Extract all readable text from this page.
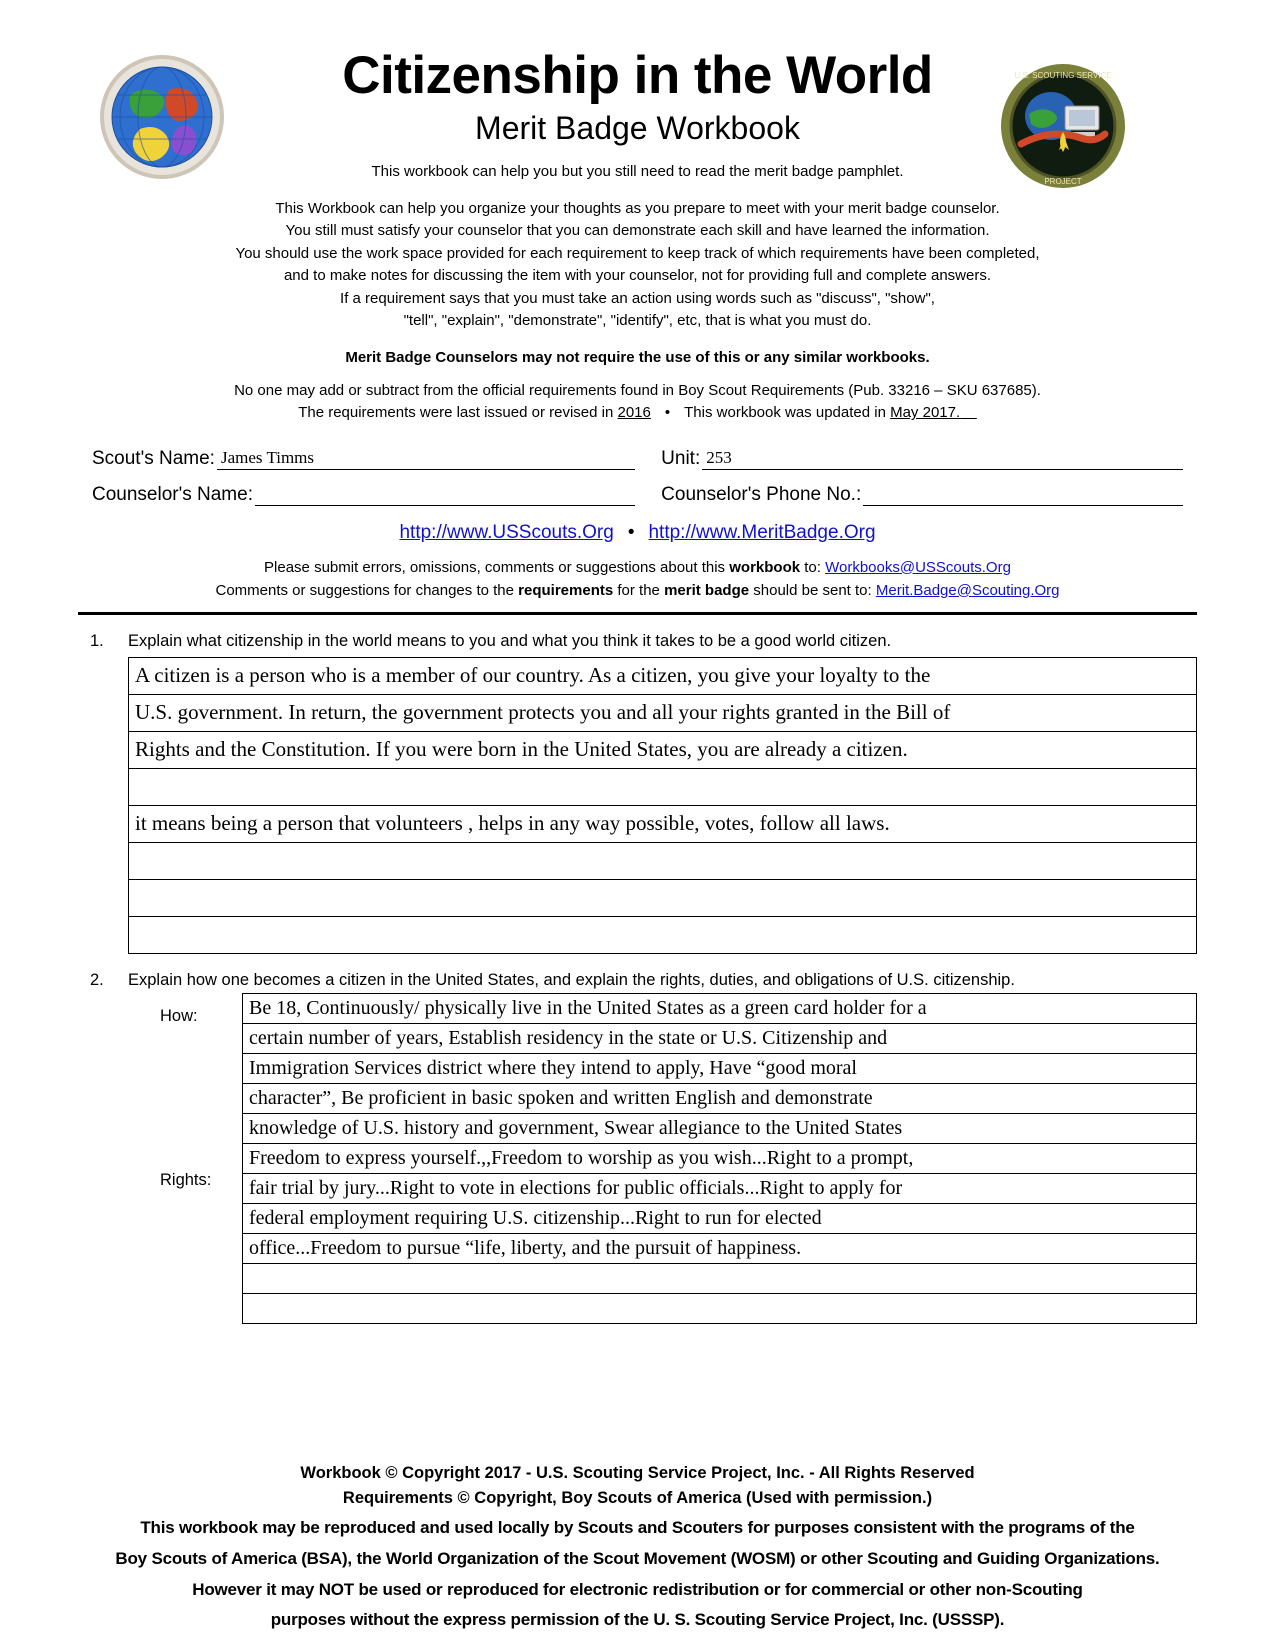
U.S. SCOUTING SERVICE
PROJECT
Citizenship in the World
Merit Badge Workbook
This workbook can help you but you still need to read the merit badge pamphlet.
This Workbook can help you organize your thoughts as you prepare to meet with your merit badge counselor.
You still must satisfy your counselor that you can demonstrate each skill and have learned the information.
You should use the work space provided for each requirement to keep track of which requirements have been completed,
and to make notes for discussing the item with your counselor, not for providing full and complete answers.
If a requirement says that you must take an action using words such as "discuss", "show",
"tell", "explain", "demonstrate", "identify", etc, that is what you must do.
Merit Badge Counselors may not require the use of this or any similar workbooks.
No one may add or subtract from the official requirements found in Boy Scout Requirements (Pub. 33216 – SKU 637685).
The requirements were last issued or revised in 2016 • This workbook was updated in May 2017.
Scout's Name: James Timms	Unit: 253
Counselor's Name:	Counselor's Phone No.:
http://www.USScouts.Org • http://www.MeritBadge.Org
Please submit errors, omissions, comments or suggestions about this workbook to: Workbooks@USScouts.Org
Comments or suggestions for changes to the requirements for the merit badge should be sent to: Merit.Badge@Scouting.Org
1.	Explain what citizenship in the world means to you and what you think it takes to be a good world citizen.
A citizen is a person who is a member of our country. As a citizen, you give your loyalty to the
U.S. government. In return, the government protects you and all your rights granted in the Bill of
Rights and the Constitution. If you were born in the United States, you are already a citizen.
it means being a person that volunteers , helps in any way possible, votes, follow all laws.
2.	Explain how one becomes a citizen in the United States, and explain the rights, duties, and obligations of U.S. citizenship.
How:
Rights:
Be 18, Continuously/ physically live in the United States as a green card holder for a
certain number of years, Establish residency in the state or U.S. Citizenship and
Immigration Services district where they intend to apply, Have “good moral
character”, Be proficient in basic spoken and written English and demonstrate
knowledge of U.S. history and government, Swear allegiance to the United States
Freedom to express yourself.,,Freedom to worship as you wish...Right to a prompt,
fair trial by jury...Right to vote in elections for public officials...Right to apply for
federal employment requiring U.S. citizenship...Right to run for elected
office...Freedom to pursue “life, liberty, and the pursuit of happiness.
Workbook © Copyright 2017 - U.S. Scouting Service Project, Inc. - All Rights Reserved
Requirements © Copyright, Boy Scouts of America (Used with permission.)
This workbook may be reproduced and used locally by Scouts and Scouters for purposes consistent with the programs of the
Boy Scouts of America (BSA), the World Organization of the Scout Movement (WOSM) or other Scouting and Guiding Organizations.
However it may NOT be used or reproduced for electronic redistribution or for commercial or other non-Scouting
purposes without the express permission of the U. S. Scouting Service Project, Inc. (USSSP).
